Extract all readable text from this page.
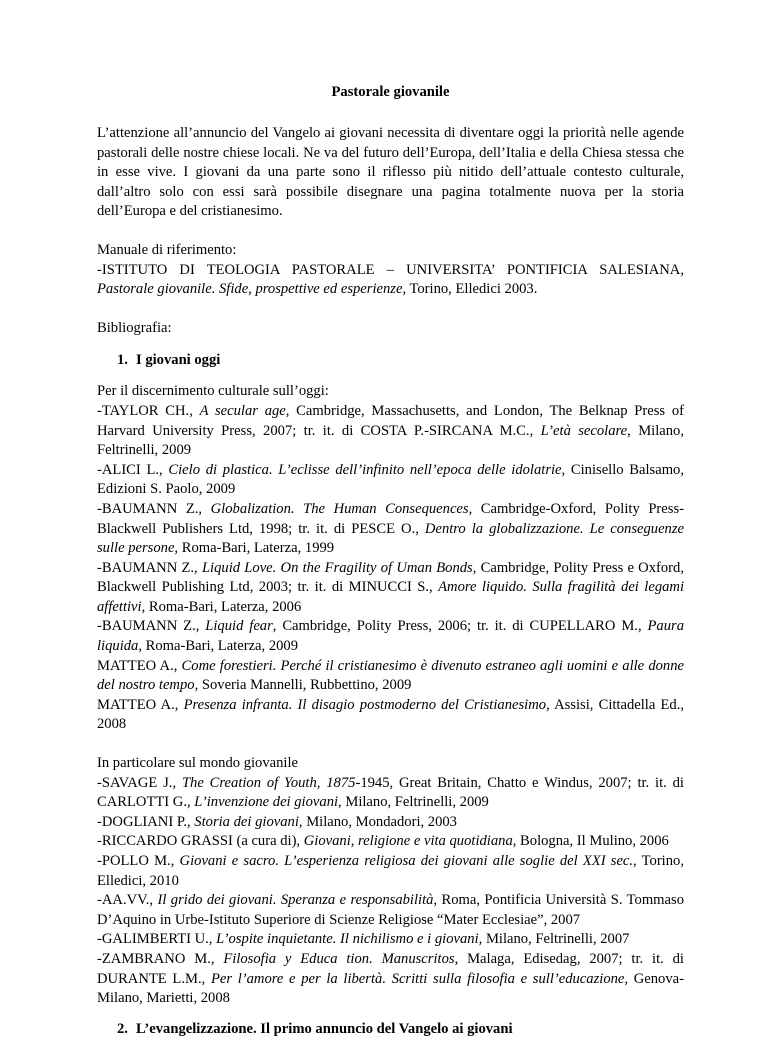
Pastorale giovanile

L’attenzione all’annuncio del Vangelo ai giovani necessita di diventare oggi la priorità nelle agende pastorali delle nostre chiese locali. Ne va del futuro dell’Europa, dell’Italia e della Chiesa stessa che in esse vive. I giovani da una parte sono il riflesso più nitido dell’attuale contesto culturale, dall’altro solo con essi sarà possibile disegnare una pagina totalmente nuova per la storia dell’Europa e del cristianesimo.

Manuale di riferimento:

-ISTITUTO DI TEOLOGIA PASTORALE – UNIVERSITA’ PONTIFICIA SALESIANA, Pastorale giovanile. Sfide, prospettive ed esperienze, Torino, Elledici 2003.

Bibliografia:

1. I giovani oggi

Per il discernimento culturale sull’oggi:

-TAYLOR CH., A secular age, Cambridge, Massachusetts, and London, The Belknap Press of Harvard University Press, 2007; tr. it. di COSTA P.-SIRCANA M.C., L’età secolare, Milano, Feltrinelli, 2009

-ALICI L., Cielo di plastica. L’eclisse dell’infinito nell’epoca delle idolatrie, Cinisello Balsamo, Edizioni S. Paolo, 2009

-BAUMANN Z., Globalization. The Human Consequences, Cambridge-Oxford, Polity Press-Blackwell Publishers Ltd, 1998; tr. it. di PESCE O., Dentro la globalizzazione. Le conseguenze sulle persone, Roma-Bari, Laterza, 1999

-BAUMANN Z., Liquid Love. On the Fragility of Uman Bonds, Cambridge, Polity Press e Oxford, Blackwell Publishing Ltd, 2003; tr. it. di MINUCCI S., Amore liquido. Sulla fragilità dei legami affettivi, Roma-Bari, Laterza, 2006

-BAUMANN Z., Liquid fear, Cambridge, Polity Press, 2006; tr. it. di CUPELLARO M., Paura liquida, Roma-Bari, Laterza, 2009

MATTEO A., Come forestieri. Perché il cristianesimo è divenuto estraneo agli uomini e alle donne del nostro tempo, Soveria Mannelli, Rubbettino, 2009

MATTEO A., Presenza infranta. Il disagio postmoderno del Cristianesimo, Assisi, Cittadella Ed., 2008

In particolare sul mondo giovanile

-SAVAGE J., The Creation of Youth, 1875-1945, Great Britain, Chatto e Windus, 2007; tr. it. di CARLOTTI G., L’invenzione dei giovani, Milano, Feltrinelli, 2009

-DOGLIANI P., Storia dei giovani, Milano, Mondadori, 2003

-RICCARDO GRASSI (a cura di), Giovani, religione e vita quotidiana, Bologna, Il Mulino, 2006

-POLLO M., Giovani e sacro. L’esperienza religiosa dei giovani alle soglie del XXI sec., Torino, Elledici, 2010

-AA.VV., Il grido dei giovani. Speranza e responsabilità, Roma, Pontificia Università S. Tommaso D’Aquino in Urbe-Istituto Superiore di Scienze Religiose “Mater Ecclesiae”, 2007

-GALIMBERTI U., L’ospite inquietante. Il nichilismo e i giovani, Milano, Feltrinelli, 2007

-ZAMBRANO M., Filosofia y Educa tion. Manuscritos, Malaga, Edisedag, 2007; tr. it. di DURANTE L.M., Per l’amore e per la libertà. Scritti sulla filosofia e sull’educazione, Genova-Milano, Marietti, 2008

2. L’evangelizzazione. Il primo annuncio del Vangelo ai giovani
